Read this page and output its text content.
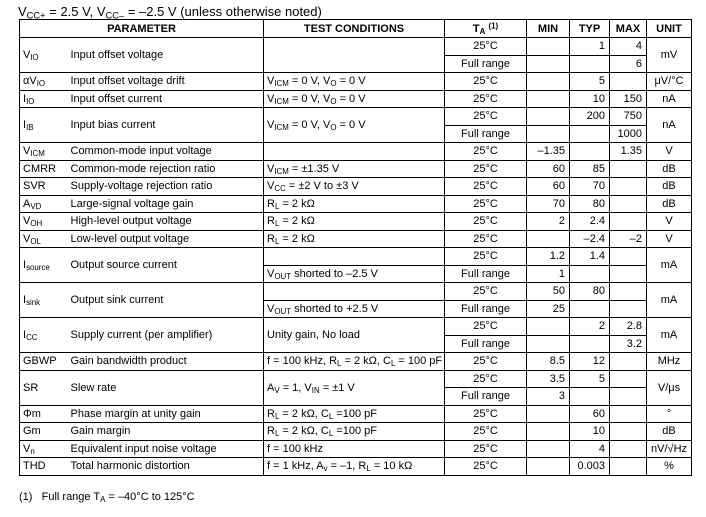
$V_{CC+} = 2.5$ V, $V_{CC-} = -2.5$ V (unless otherwise noted)
PARAMETER		TEST CONDITIONS	$T_A$ $^{(1)}$	MIN	TYP	MAX	UNIT
$V_{IO}$	Input offset voltage		25°C		1	4	mV
			Full range			6	
$\alpha V_{IO}$	Input offset voltage drift	$V_{ICM} = 0$ V, $V_O = 0$ V	25°C		5		μV/°C
$I_{IO}$	Input offset current	$V_{ICM} = 0$ V, $V_O = 0$ V	25°C		10	150	nA
$I_{IB}$	Input bias current	$V_{ICM} = 0$ V, $V_O = 0$ V	25°C		200	750	nA
			Full range			1000	
$V_{ICM}$	Common-mode input voltage		25°C	–1.35		1.35	V
CMRR	Common-mode rejection ratio	$V_{ICM} = \pm 1.35$ V	25°C	60	85		dB
SVR	Supply-voltage rejection ratio	$V_{CC} = \pm 2$ V to ±3 V	25°C	60	70		dB
$A_{VD}$	Large-signal voltage gain	$R_L = 2$ kΩ	25°C	70	80		dB
$V_{OH}$	High-level output voltage	$R_L = 2$ kΩ	25°C	2	2.4		V
$V_{OL}$	Low-level output voltage	$R_L = 2$ kΩ	25°C		–2.4	–2	V
$I_{source}$	Output source current		25°C	1.2	1.4		mA
		$V_{OUT}$ shorted to –2.5 V	Full range	1			
$I_{sink}$	Output sink current		25°C	50	80		mA
		$V_{OUT}$ shorted to +2.5 V	Full range	25			
$I_{CC}$	Supply current (per amplifier)	Unity gain, No load	25°C		2	2.8	mA
			Full range			3.2	
GBWP	Gain bandwidth product	f = 100 kHz, $R_L = 2$ kΩ, $C_L = 100$ pF	25°C	8.5	12		MHz
SR	Slew rate	$A_V = 1$, $V_{IN} = \pm 1$ V	25°C	3.5	5		V/μs
			Full range	3			
Φm	Phase margin at unity gain	$R_L = 2$ kΩ, $C_L =100$ pF	25°C		60		°
Gm	Gain margin	$R_L = 2$ kΩ, $C_L =100$ pF	25°C		10		dB
$V_n$	Equivalent input noise voltage	f = 100 kHz	25°C		4		nV/√Hz
THD	Total harmonic distortion	f = 1 kHz, $A_v = -1$, $R_L = 10$ kΩ	25°C		0.003		%
(1) Full range $T_A = -40^\circ C$ to 125°C
